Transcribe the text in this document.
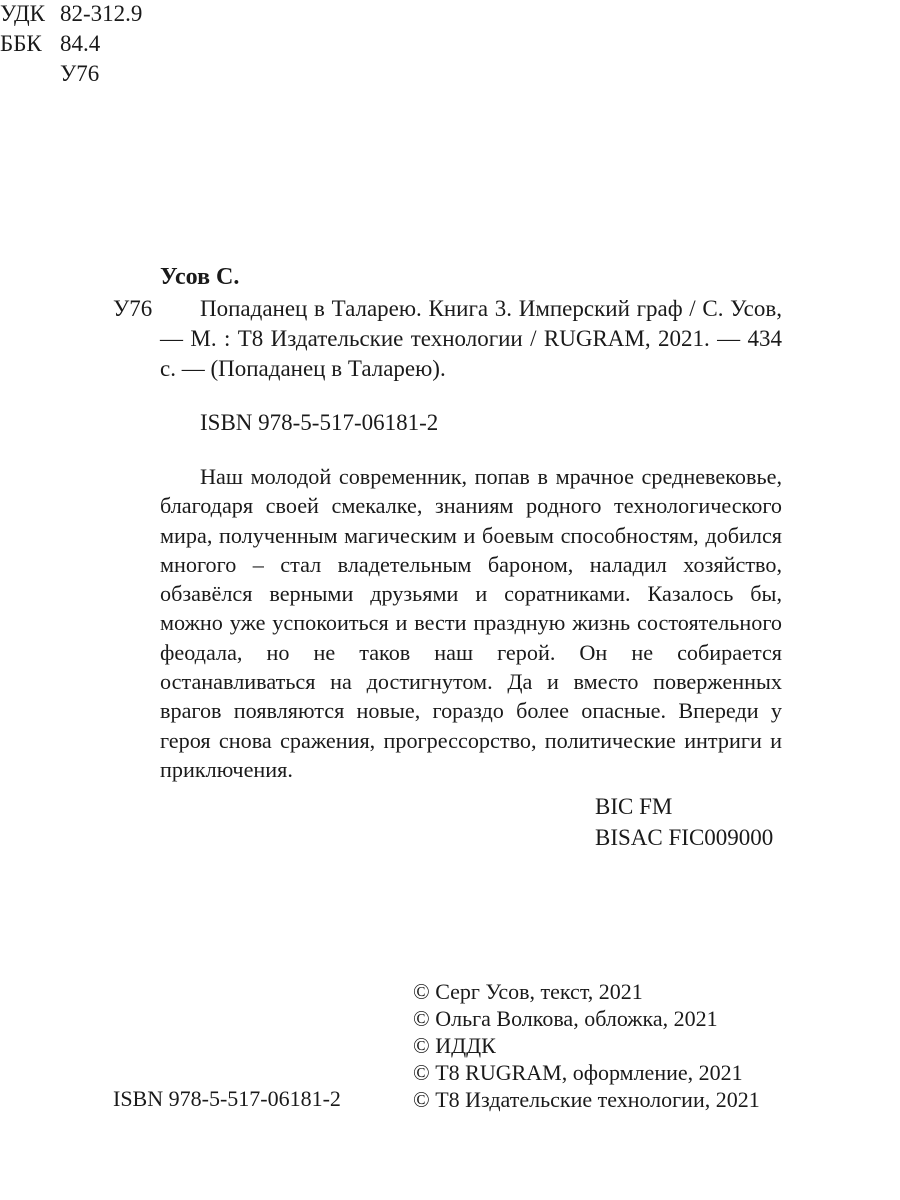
УДК 82-312.9
ББК 84.4
У76
Усов С.
У76	Попаданец в Таларею. Книга 3. Имперский граф / С. Усов, — М. : Т8 Издательские технологии / RUGRAM, 2021. — 434 с. — (Попаданец в Таларею).

ISBN 978-5-517-06181-2

Наш молодой современник, попав в мрачное средневековье, благодаря своей смекалке, знаниям родного технологического мира, полученным магическим и боевым способностям, добился многого – стал владетельным бароном, наладил хозяйство, обзавёлся верными друзьями и соратниками. Казалось бы, можно уже успокоиться и вести праздную жизнь состоятельного феодала, но не таков наш герой. Он не собирается останавливаться на достигнутом. Да и вместо поверженных врагов появляются новые, гораздо более опасные. Впереди у героя снова сражения, прогрессорство, политические интриги и приключения.

BIC FM
BISAC FIC009000
© Серг Усов, текст, 2021
© Ольга Волкова, обложка, 2021
© ИДДК
© Т8 RUGRAM, оформление, 2021
© Т8 Издательские технологии, 2021
ISBN 978-5-517-06181-2
